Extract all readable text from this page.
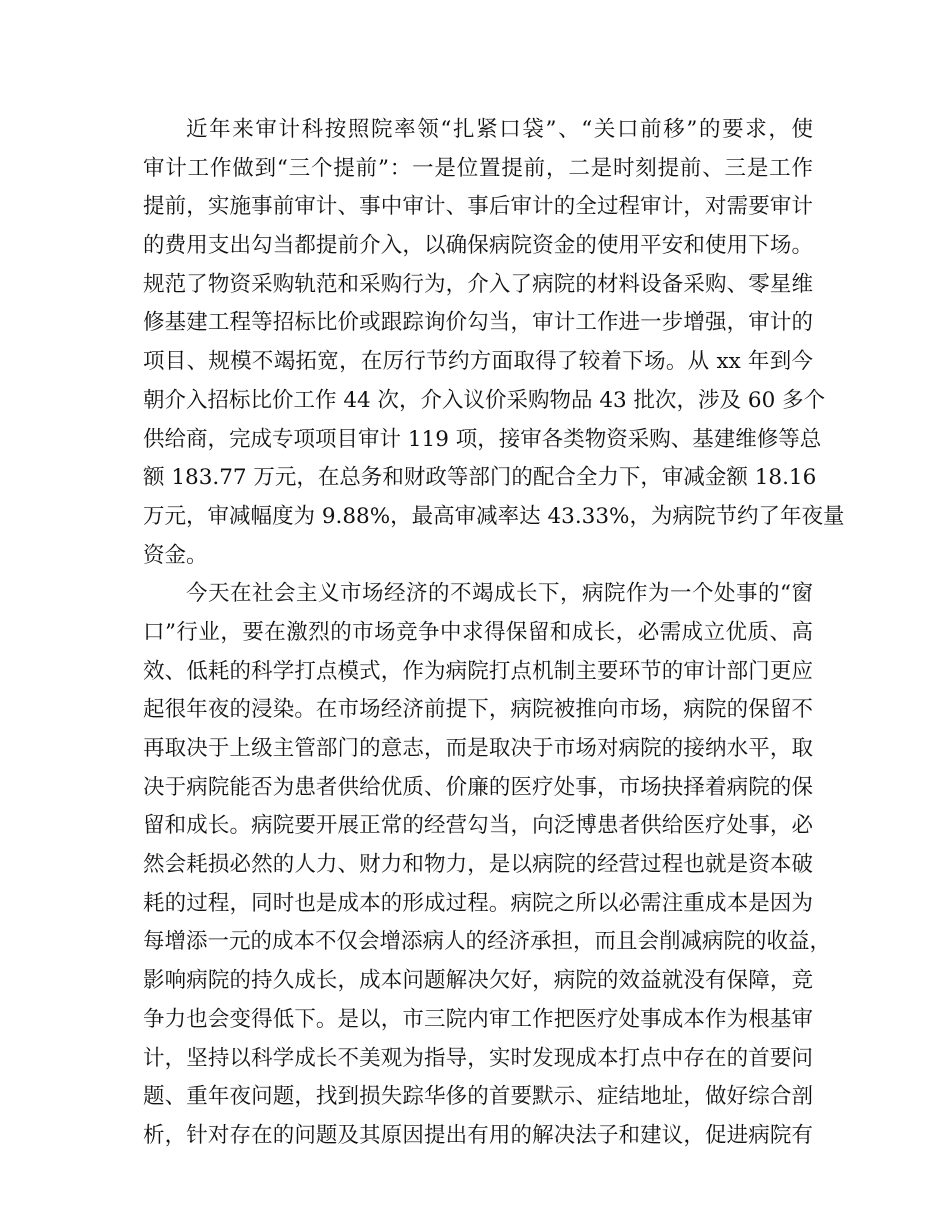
近年来审计科按照院率领“扎紧口袋”、“关口前移”的要求，使
审计工作做到“三个提前”：一是位置提前，二是时刻提前、三是工作
提前，实施事前审计、事中审计、事后审计的全过程审计，对需要审计
的费用支出勾当都提前介入，以确保病院资金的使用平安和使用下场。
规范了物资采购轨范和采购行为，介入了病院的材料设备采购、零星维
修基建工程等招标比价或跟踪询价勾当，审计工作进一步增强，审计的
项目、规模不竭拓宽，在厉行节约方面取得了较着下场。从 xx 年到今
朝介入招标比价工作 44 次，介入议价采购物品 43 批次，涉及 60 多个
供给商，完成专项项目审计 119 项，接审各类物资采购、基建维修等总
额 183.77 万元，在总务和财政等部门的配合全力下，审减金额 18.16
万元，审减幅度为 9.88%，最高审减率达 43.33%，为病院节约了年夜量
资金。
今天在社会主义市场经济的不竭成长下，病院作为一个处事的“窗
口”行业，要在激烈的市场竞争中求得保留和成长，必需成立优质、高
效、低耗的科学打点模式，作为病院打点机制主要环节的审计部门更应
起很年夜的浸染。在市场经济前提下，病院被推向市场，病院的保留不
再取决于上级主管部门的意志，而是取决于市场对病院的接纳水平，取
决于病院能否为患者供给优质、价廉的医疗处事，市场抉择着病院的保
留和成长。病院要开展正常的经营勾当，向泛博患者供给医疗处事，必
然会耗损必然的人力、财力和物力，是以病院的经营过程也就是资本破
耗的过程，同时也是成本的形成过程。病院之所以必需注重成本是因为
每增添一元的成本不仅会增添病人的经济承担，而且会削减病院的收益，
影响病院的持久成长，成本问题解决欠好，病院的效益就没有保障，竞
争力也会变得低下。是以，市三院内审工作把医疗处事成本作为根基审
计，坚持以科学成长不美观为指导，实时发现成本打点中存在的首要问
题、重年夜问题，找到损失踪华侈的首要默示、症结地址，做好综合剖
析，针对存在的问题及其原因提出有用的解决法子和建议，促进病院有
